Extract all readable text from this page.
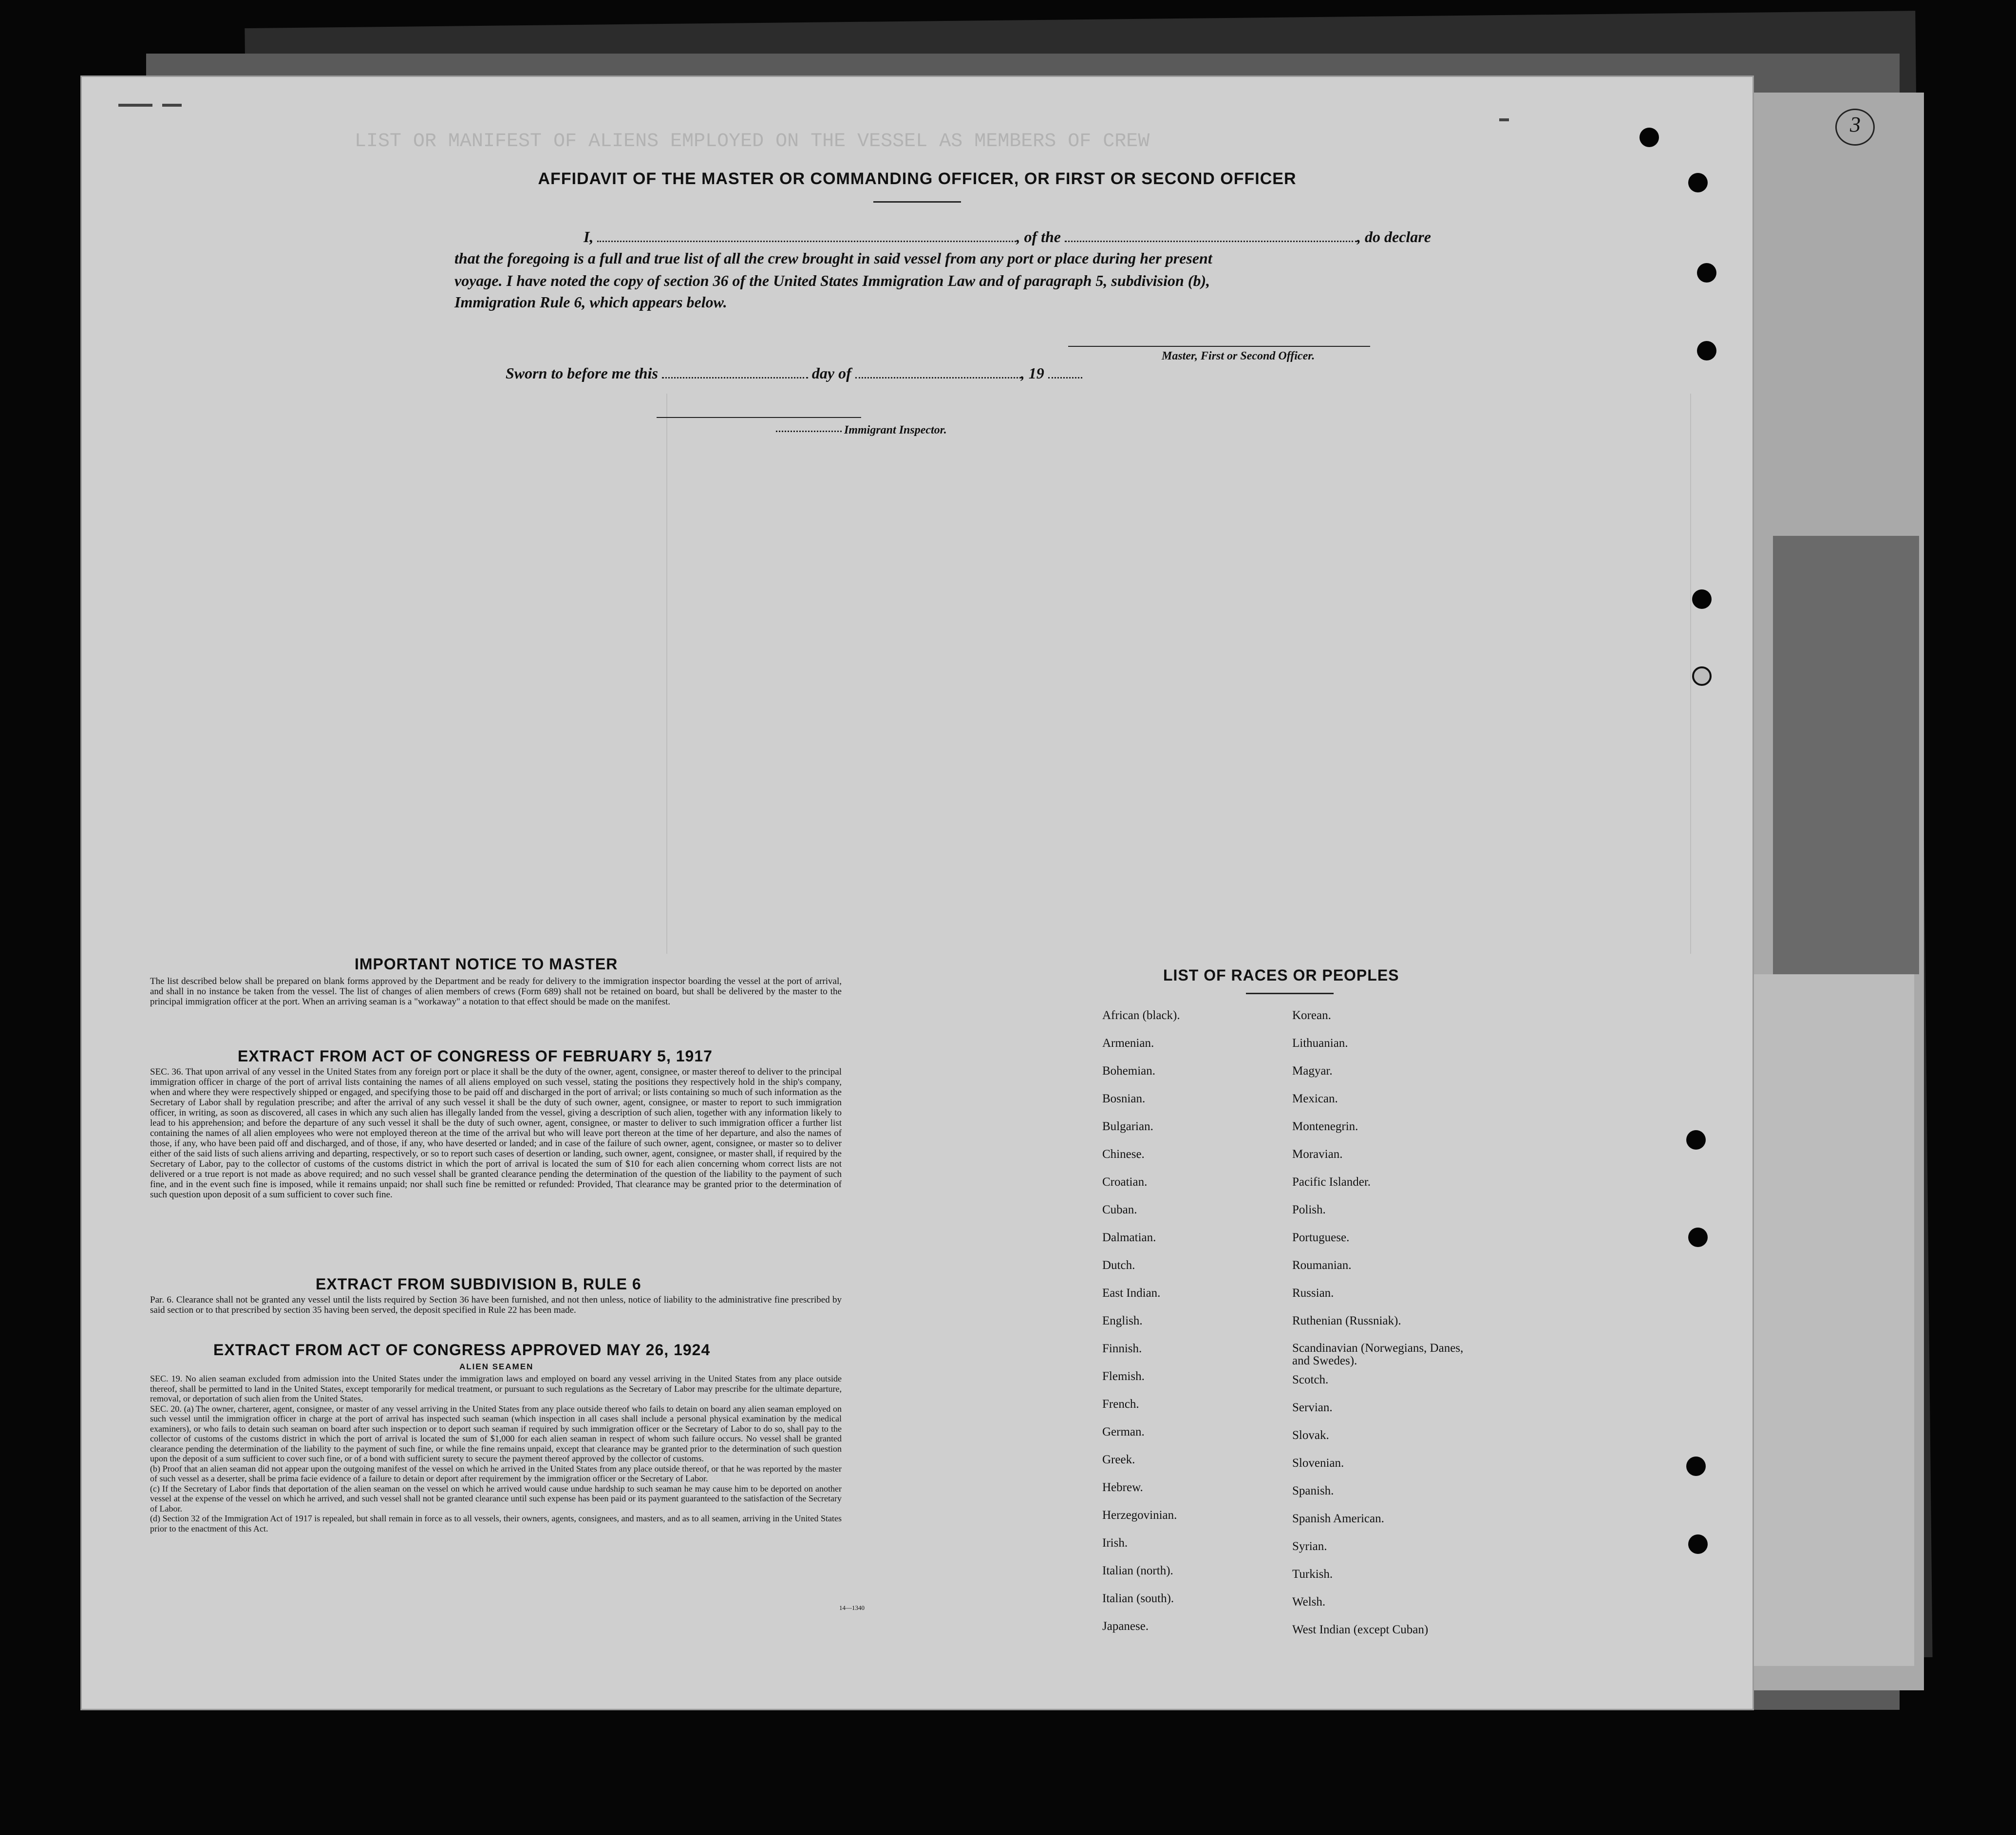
LIST OR MANIFEST OF ALIENS EMPLOYED ON THE VESSEL AS MEMBERS OF CREW
3
AFFIDAVIT OF THE MASTER OR COMMANDING OFFICER, OR FIRST OR SECOND OFFICER
I,	, of the	, do declare
that the foregoing is a full and true list of all the crew brought in said vessel from any port or place during her present
voyage. I have noted the copy of section 36 of the United States Immigration Law and of paragraph 5, subdivision (b),
Immigration Rule 6, which appears below.
Master, First or Second Officer.
Sworn to before me this	day of	, 19
Immigrant Inspector.
IMPORTANT NOTICE TO MASTER
The list described below shall be prepared on blank forms approved by the Department and be ready for delivery to the immigration inspector boarding the vessel at the port of arrival, and shall in no instance be taken from the vessel. The list of changes of alien members of crews (Form 689) shall not be retained on board, but shall be delivered by the master to the principal immigration officer at the port. When an arriving seaman is a "workaway" a notation to that effect should be made on the manifest.
EXTRACT FROM ACT OF CONGRESS OF FEBRUARY 5, 1917
SEC. 36. That upon arrival of any vessel in the United States from any foreign port or place it shall be the duty of the owner, agent, consignee, or master thereof to deliver to the principal immigration officer in charge of the port of arrival lists containing the names of all aliens employed on such vessel, stating the positions they respectively hold in the ship's company, when and where they were respectively shipped or engaged, and specifying those to be paid off and discharged in the port of arrival; or lists containing so much of such information as the Secretary of Labor shall by regulation prescribe; and after the arrival of any such vessel it shall be the duty of such owner, agent, consignee, or master to report to such immigration officer, in writing, as soon as discovered, all cases in which any such alien has illegally landed from the vessel, giving a description of such alien, together with any information likely to lead to his apprehension; and before the departure of any such vessel it shall be the duty of such owner, agent, consignee, or master to deliver to such immigration officer a further list containing the names of all alien employees who were not employed thereon at the time of the arrival but who will leave port thereon at the time of her departure, and also the names of those, if any, who have been paid off and discharged, and of those, if any, who have deserted or landed; and in case of the failure of such owner, agent, consignee, or master so to deliver either of the said lists of such aliens arriving and departing, respectively, or so to report such cases of desertion or landing, such owner, agent, consignee, or master shall, if required by the Secretary of Labor, pay to the collector of customs of the customs district in which the port of arrival is located the sum of $10 for each alien concerning whom correct lists are not delivered or a true report is not made as above required; and no such vessel shall be granted clearance pending the determination of the question of the liability to the payment of such fine, and in the event such fine is imposed, while it remains unpaid; nor shall such fine be remitted or refunded: Provided, That clearance may be granted prior to the determination of such question upon deposit of a sum sufficient to cover such fine.
EXTRACT FROM SUBDIVISION B, RULE 6
Par. 6. Clearance shall not be granted any vessel until the lists required by Section 36 have been furnished, and not then unless, notice of liability to the administrative fine prescribed by said section or to that prescribed by section 35 having been served, the deposit specified in Rule 22 has been made.
EXTRACT FROM ACT OF CONGRESS APPROVED MAY 26, 1924
ALIEN SEAMEN
SEC. 19. No alien seaman excluded from admission into the United States under the immigration laws and employed on board any vessel arriving in the United States from any place outside thereof, shall be permitted to land in the United States, except temporarily for medical treatment, or pursuant to such regulations as the Secretary of Labor may prescribe for the ultimate departure, removal, or deportation of such alien from the United States.
SEC. 20. (a) The owner, charterer, agent, consignee, or master of any vessel arriving in the United States from any place outside thereof who fails to detain on board any alien seaman employed on such vessel until the immigration officer in charge at the port of arrival has inspected such seaman (which inspection in all cases shall include a personal physical examination by the medical examiners), or who fails to detain such seaman on board after such inspection or to deport such seaman if required by such immigration officer or the Secretary of Labor to do so, shall pay to the collector of customs of the customs district in which the port of arrival is located the sum of $1,000 for each alien seaman in respect of whom such failure occurs. No vessel shall be granted clearance pending the determination of the liability to the payment of such fine, or while the fine remains unpaid, except that clearance may be granted prior to the determination of such question upon the deposit of a sum sufficient to cover such fine, or of a bond with sufficient surety to secure the payment thereof approved by the collector of customs.
(b) Proof that an alien seaman did not appear upon the outgoing manifest of the vessel on which he arrived in the United States from any place outside thereof, or that he was reported by the master of such vessel as a deserter, shall be prima facie evidence of a failure to detain or deport after requirement by the immigration officer or the Secretary of Labor.
(c) If the Secretary of Labor finds that deportation of the alien seaman on the vessel on which he arrived would cause undue hardship to such seaman he may cause him to be deported on another vessel at the expense of the vessel on which he arrived, and such vessel shall not be granted clearance until such expense has been paid or its payment guaranteed to the satisfaction of the Secretary of Labor.
(d) Section 32 of the Immigration Act of 1917 is repealed, but shall remain in force as to all vessels, their owners, agents, consignees, and masters, and as to all seamen, arriving in the United States prior to the enactment of this Act.
14—1340
LIST OF RACES OR PEOPLES
African (black).
Armenian.
Bohemian.
Bosnian.
Bulgarian.
Chinese.
Croatian.
Cuban.
Dalmatian.
Dutch.
East Indian.
English.
Finnish.
Flemish.
French.
German.
Greek.
Hebrew.
Herzegovinian.
Irish.
Italian (north).
Italian (south).
Japanese.
Korean.
Lithuanian.
Magyar.
Mexican.
Montenegrin.
Moravian.
Pacific Islander.
Polish.
Portuguese.
Roumanian.
Russian.
Ruthenian (Russniak).
Scandinavian (Norwegians, Danes, and Swedes).
Scotch.
Servian.
Slovak.
Slovenian.
Spanish.
Spanish American.
Syrian.
Turkish.
Welsh.
West Indian (except Cuban)
